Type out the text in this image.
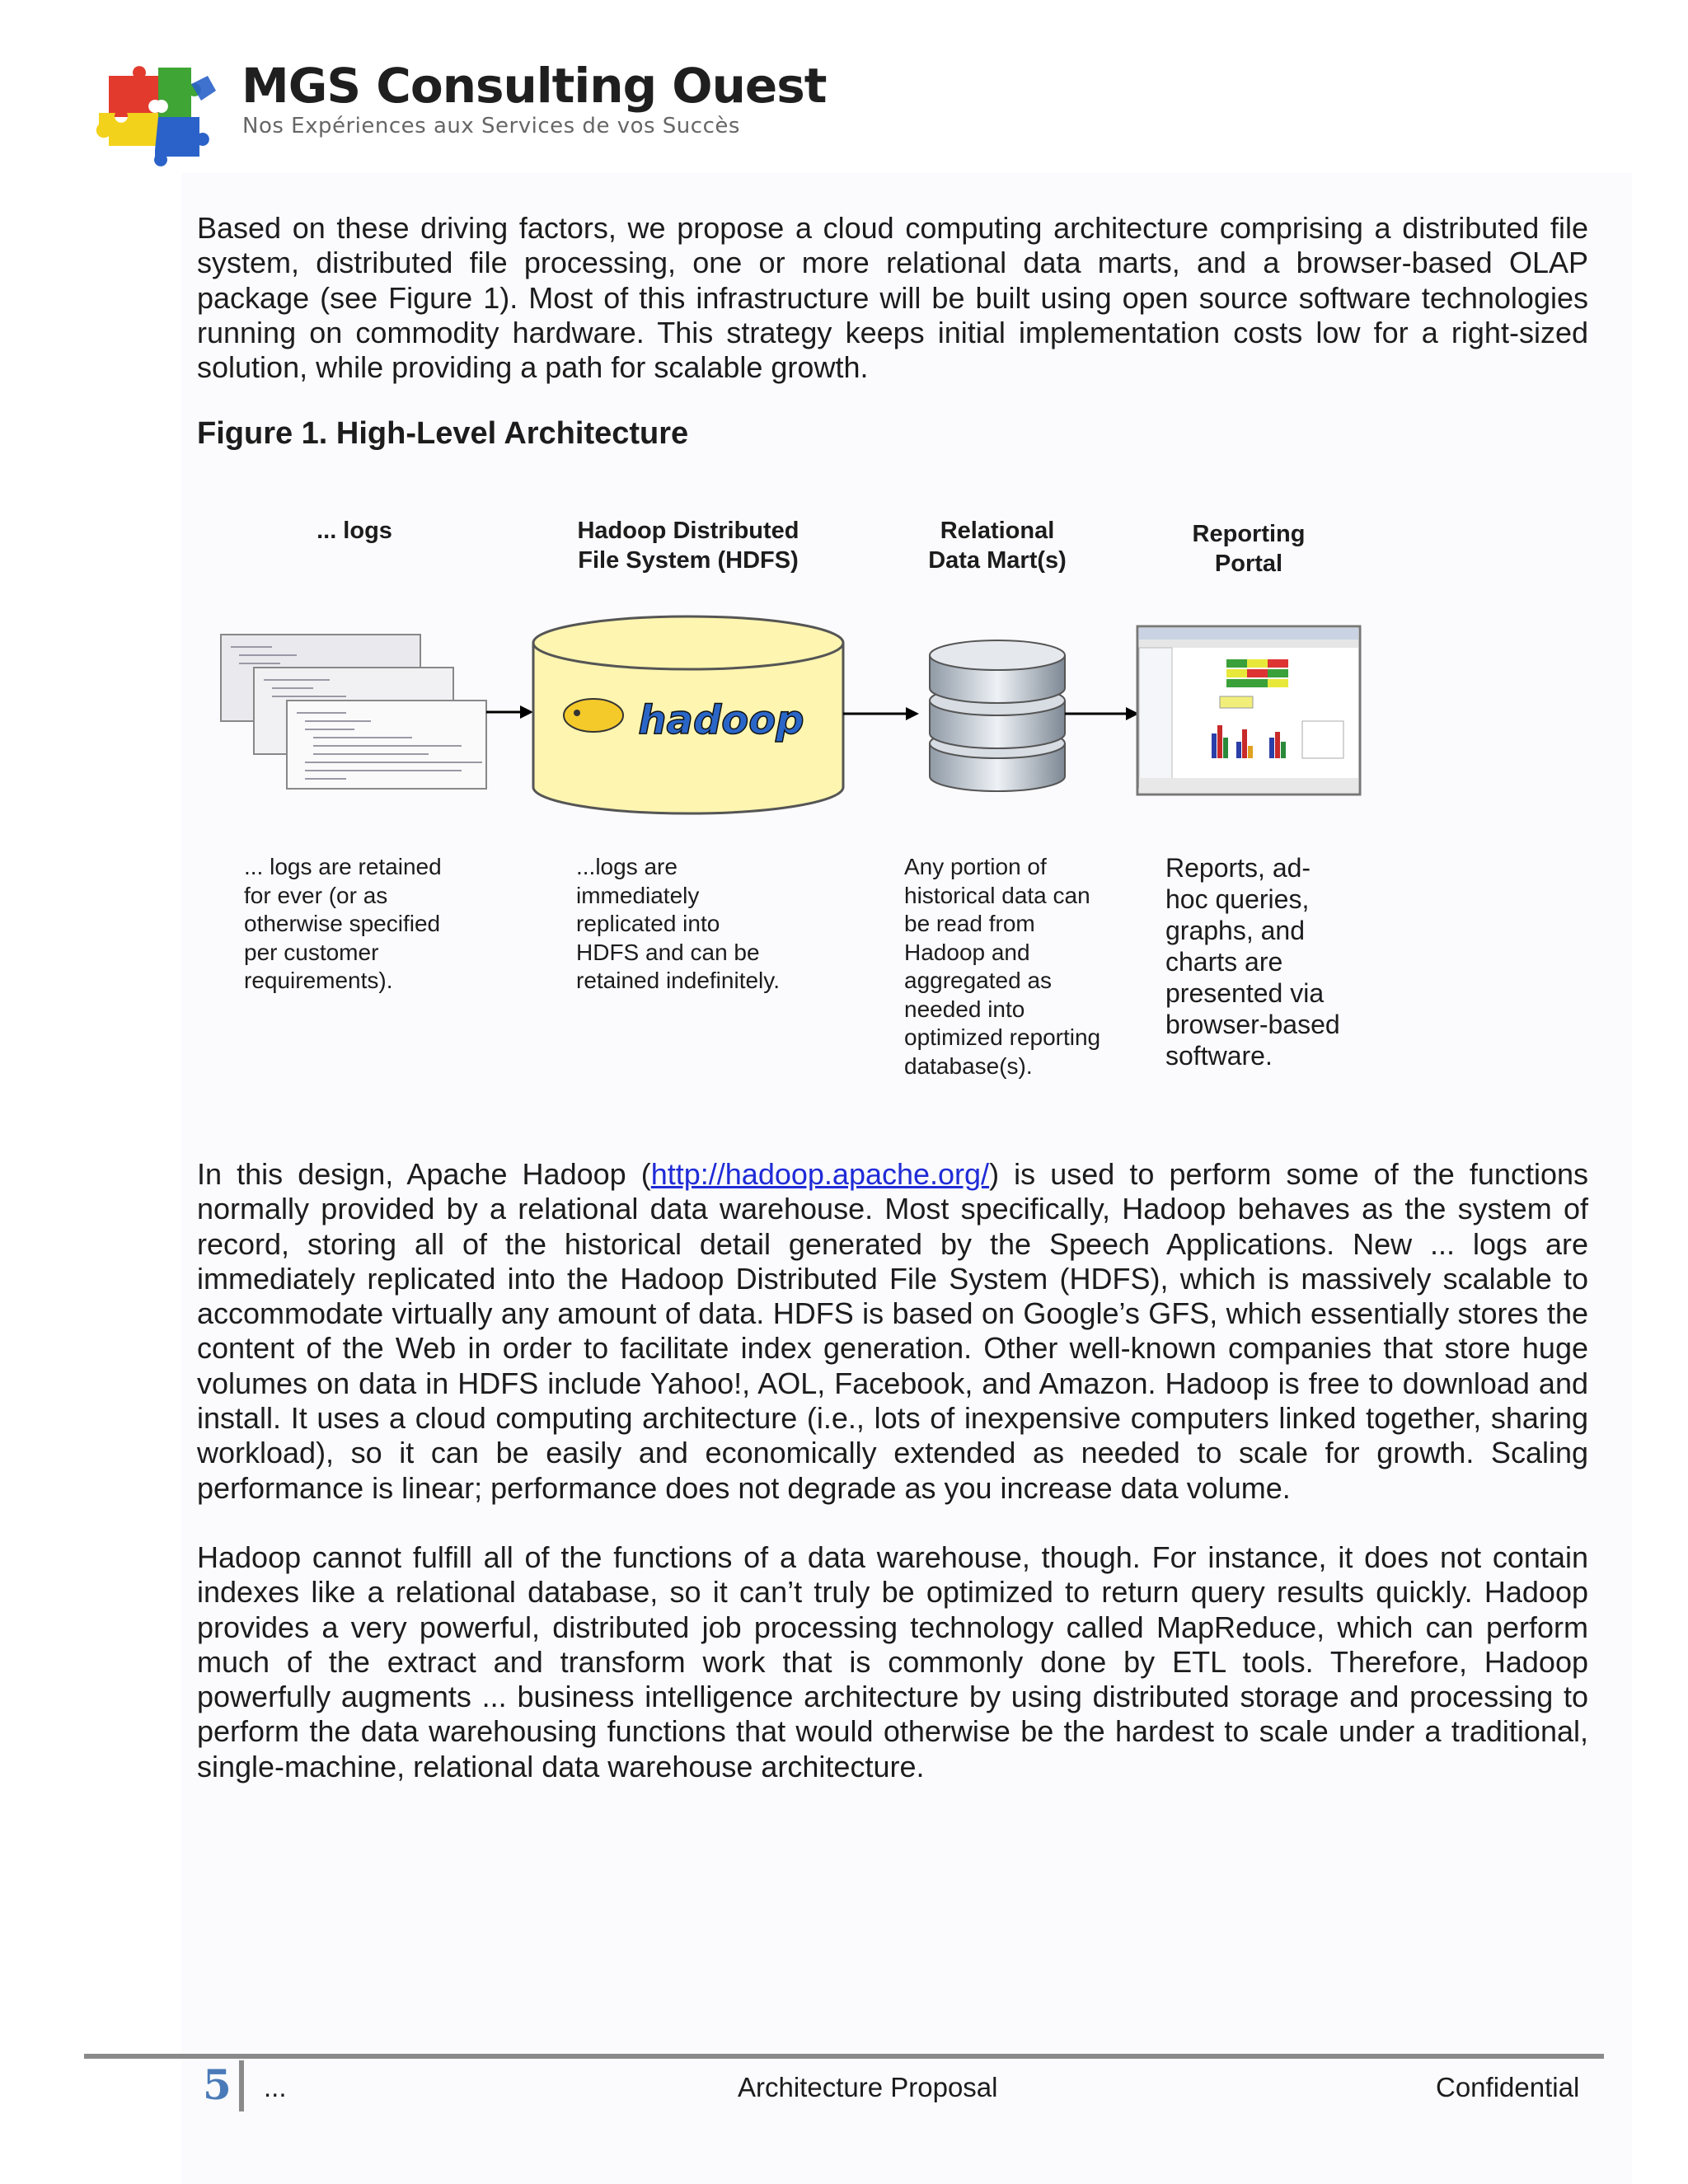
MGS Consulting Ouest
Nos Expériences aux Services de vos Succès

Based on these driving factors, we propose a cloud computing architecture comprising a distributed file system, distributed file processing, one or more relational data marts, and a browser-based OLAP package (see Figure 1). Most of this infrastructure will be built using open source software technologies running on commodity hardware. This strategy keeps initial implementation costs low for a right-sized solution, while providing a path for scalable growth.

Figure 1. High-Level Architecture

... logs	Hadoop Distributed
File System (HDFS)
Relational
Data Mart(s)
Reporting
Portal
hadoop
... logs are retained
for ever (or as
otherwise specified
per customer
requirements).
...logs are
immediately
replicated into
HDFS and can be
retained indefinitely.
Any portion of
historical data can
be read from
Hadoop and
aggregated as
needed into
optimized reporting
database(s).
Reports, ad-
hoc queries,
graphs, and
charts are
presented via
browser-based
software.

In this design, Apache Hadoop (http://hadoop.apache.org/) is used to perform some of the functions normally provided by a relational data warehouse. Most specifically, Hadoop behaves as the system of record, storing all of the historical detail generated by the Speech Applications. New ... logs are immediately replicated into the Hadoop Distributed File System (HDFS), which is massively scalable to accommodate virtually any amount of data. HDFS is based on Google’s GFS, which essentially stores the content of the Web in order to facilitate index generation. Other well-known companies that store huge volumes on data in HDFS include Yahoo!, AOL, Facebook, and Amazon. Hadoop is free to download and install. It uses a cloud computing architecture (i.e., lots of inexpensive computers linked together, sharing workload), so it can be easily and economically extended as needed to scale for growth. Scaling performance is linear; performance does not degrade as you increase data volume.

Hadoop cannot fulfill all of the functions of a data warehouse, though. For instance, it does not contain indexes like a relational database, so it can’t truly be optimized to return query results quickly. Hadoop provides a very powerful, distributed job processing technology called MapReduce, which can perform much of the extract and transform work that is commonly done by ETL tools. Therefore, Hadoop powerfully augments ... business intelligence architecture by using distributed storage and processing to perform the data warehousing functions that would otherwise be the hardest to scale under a traditional, single-machine, relational data warehouse architecture.

5 ...	Architecture Proposal	Confidential
